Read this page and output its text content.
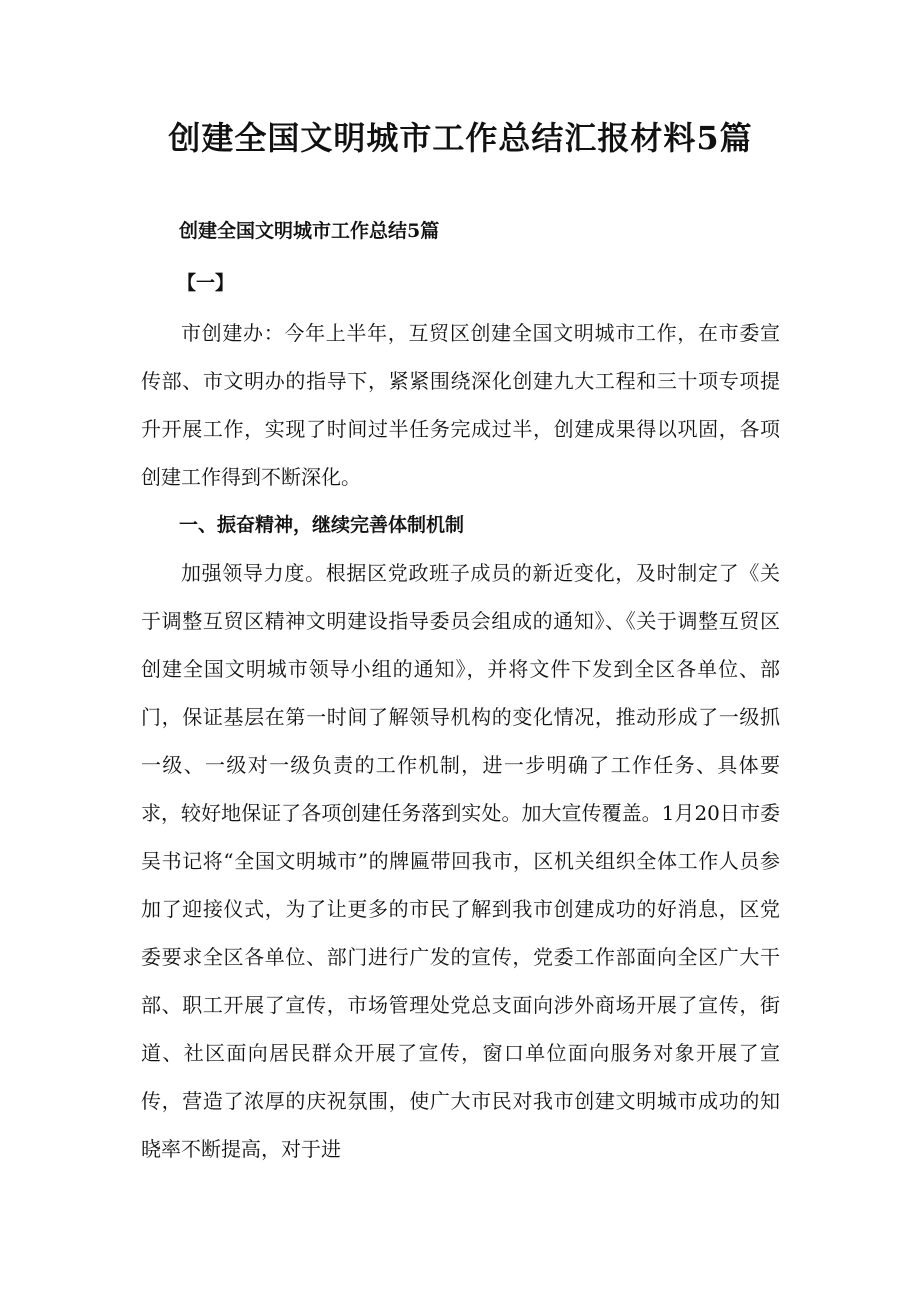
创建全国文明城市工作总结汇报材料5篇

创建全国文明城市工作总结5篇

【一】

市创建办：今年上半年，互贸区创建全国文明城市工作，在市委宣传部、市文明办的指导下，紧紧围绕深化创建九大工程和三十项专项提升开展工作，实现了时间过半任务完成过半，创建成果得以巩固，各项创建工作得到不断深化。

一、振奋精神，继续完善体制机制

加强领导力度。根据区党政班子成员的新近变化，及时制定了《关于调整互贸区精神文明建设指导委员会组成的通知》、《关于调整互贸区创建全国文明城市领导小组的通知》，并将文件下发到全区各单位、部门，保证基层在第一时间了解领导机构的变化情况，推动形成了一级抓一级、一级对一级负责的工作机制，进一步明确了工作任务、具体要求，较好地保证了各项创建任务落到实处。加大宣传覆盖。1月20日市委吴书记将“全国文明城市”的牌匾带回我市，区机关组织全体工作人员参加了迎接仪式，为了让更多的市民了解到我市创建成功的好消息，区党委要求全区各单位、部门进行广发的宣传，党委工作部面向全区广大干部、职工开展了宣传，市场管理处党总支面向涉外商场开展了宣传，街道、社区面向居民群众开展了宣传，窗口单位面向服务对象开展了宣传，营造了浓厚的庆祝氛围，使广大市民对我市创建文明城市成功的知晓率不断提高，对于进
